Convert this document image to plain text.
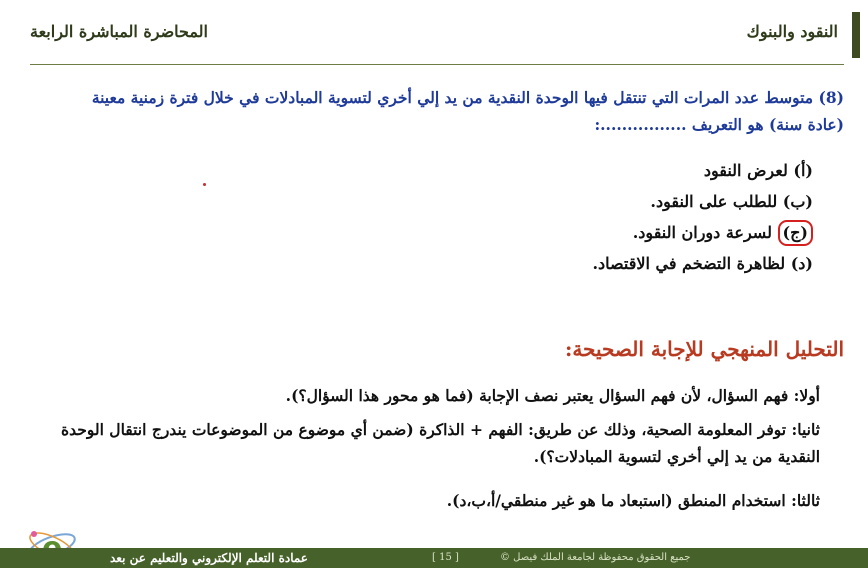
النقود والبنوك
المحاضرة المباشرة الرابعة
(8) متوسط عدد المرات التي تنتقل فيها الوحدة النقدية من يد إلي أخري لتسوية المبادلات في خلال فترة زمنية معينة (عادة سنة) هو التعريف ................:
(أ) لعرض النقود
(ب) للطلب على النقود.
(ج) لسرعة دوران النقود.
(د) لظاهرة التضخم في الاقتصاد.
التحليل المنهجي للإجابة الصحيحة:

أولا: فهم السؤال، لأن فهم السؤال يعتبر نصف الإجابة (فما هو محور هذا السؤال؟).

ثانيا: توفر المعلومة الصحية، وذلك عن طريق: الفهم + الذاكرة (ضمن أي موضوع من الموضوعات يندرج انتقال الوحدة النقدية من يد إلي أخري لتسوية المبادلات؟).

ثالثا: استخدام المنطق (استبعاد ما هو غير منطقي/أ،ب،د).

عمادة التعلم الإلكتروني والتعليم عن بعد	[ 15 ]	جميع الحقوق محفوظة لجامعة الملك فيصل ©
